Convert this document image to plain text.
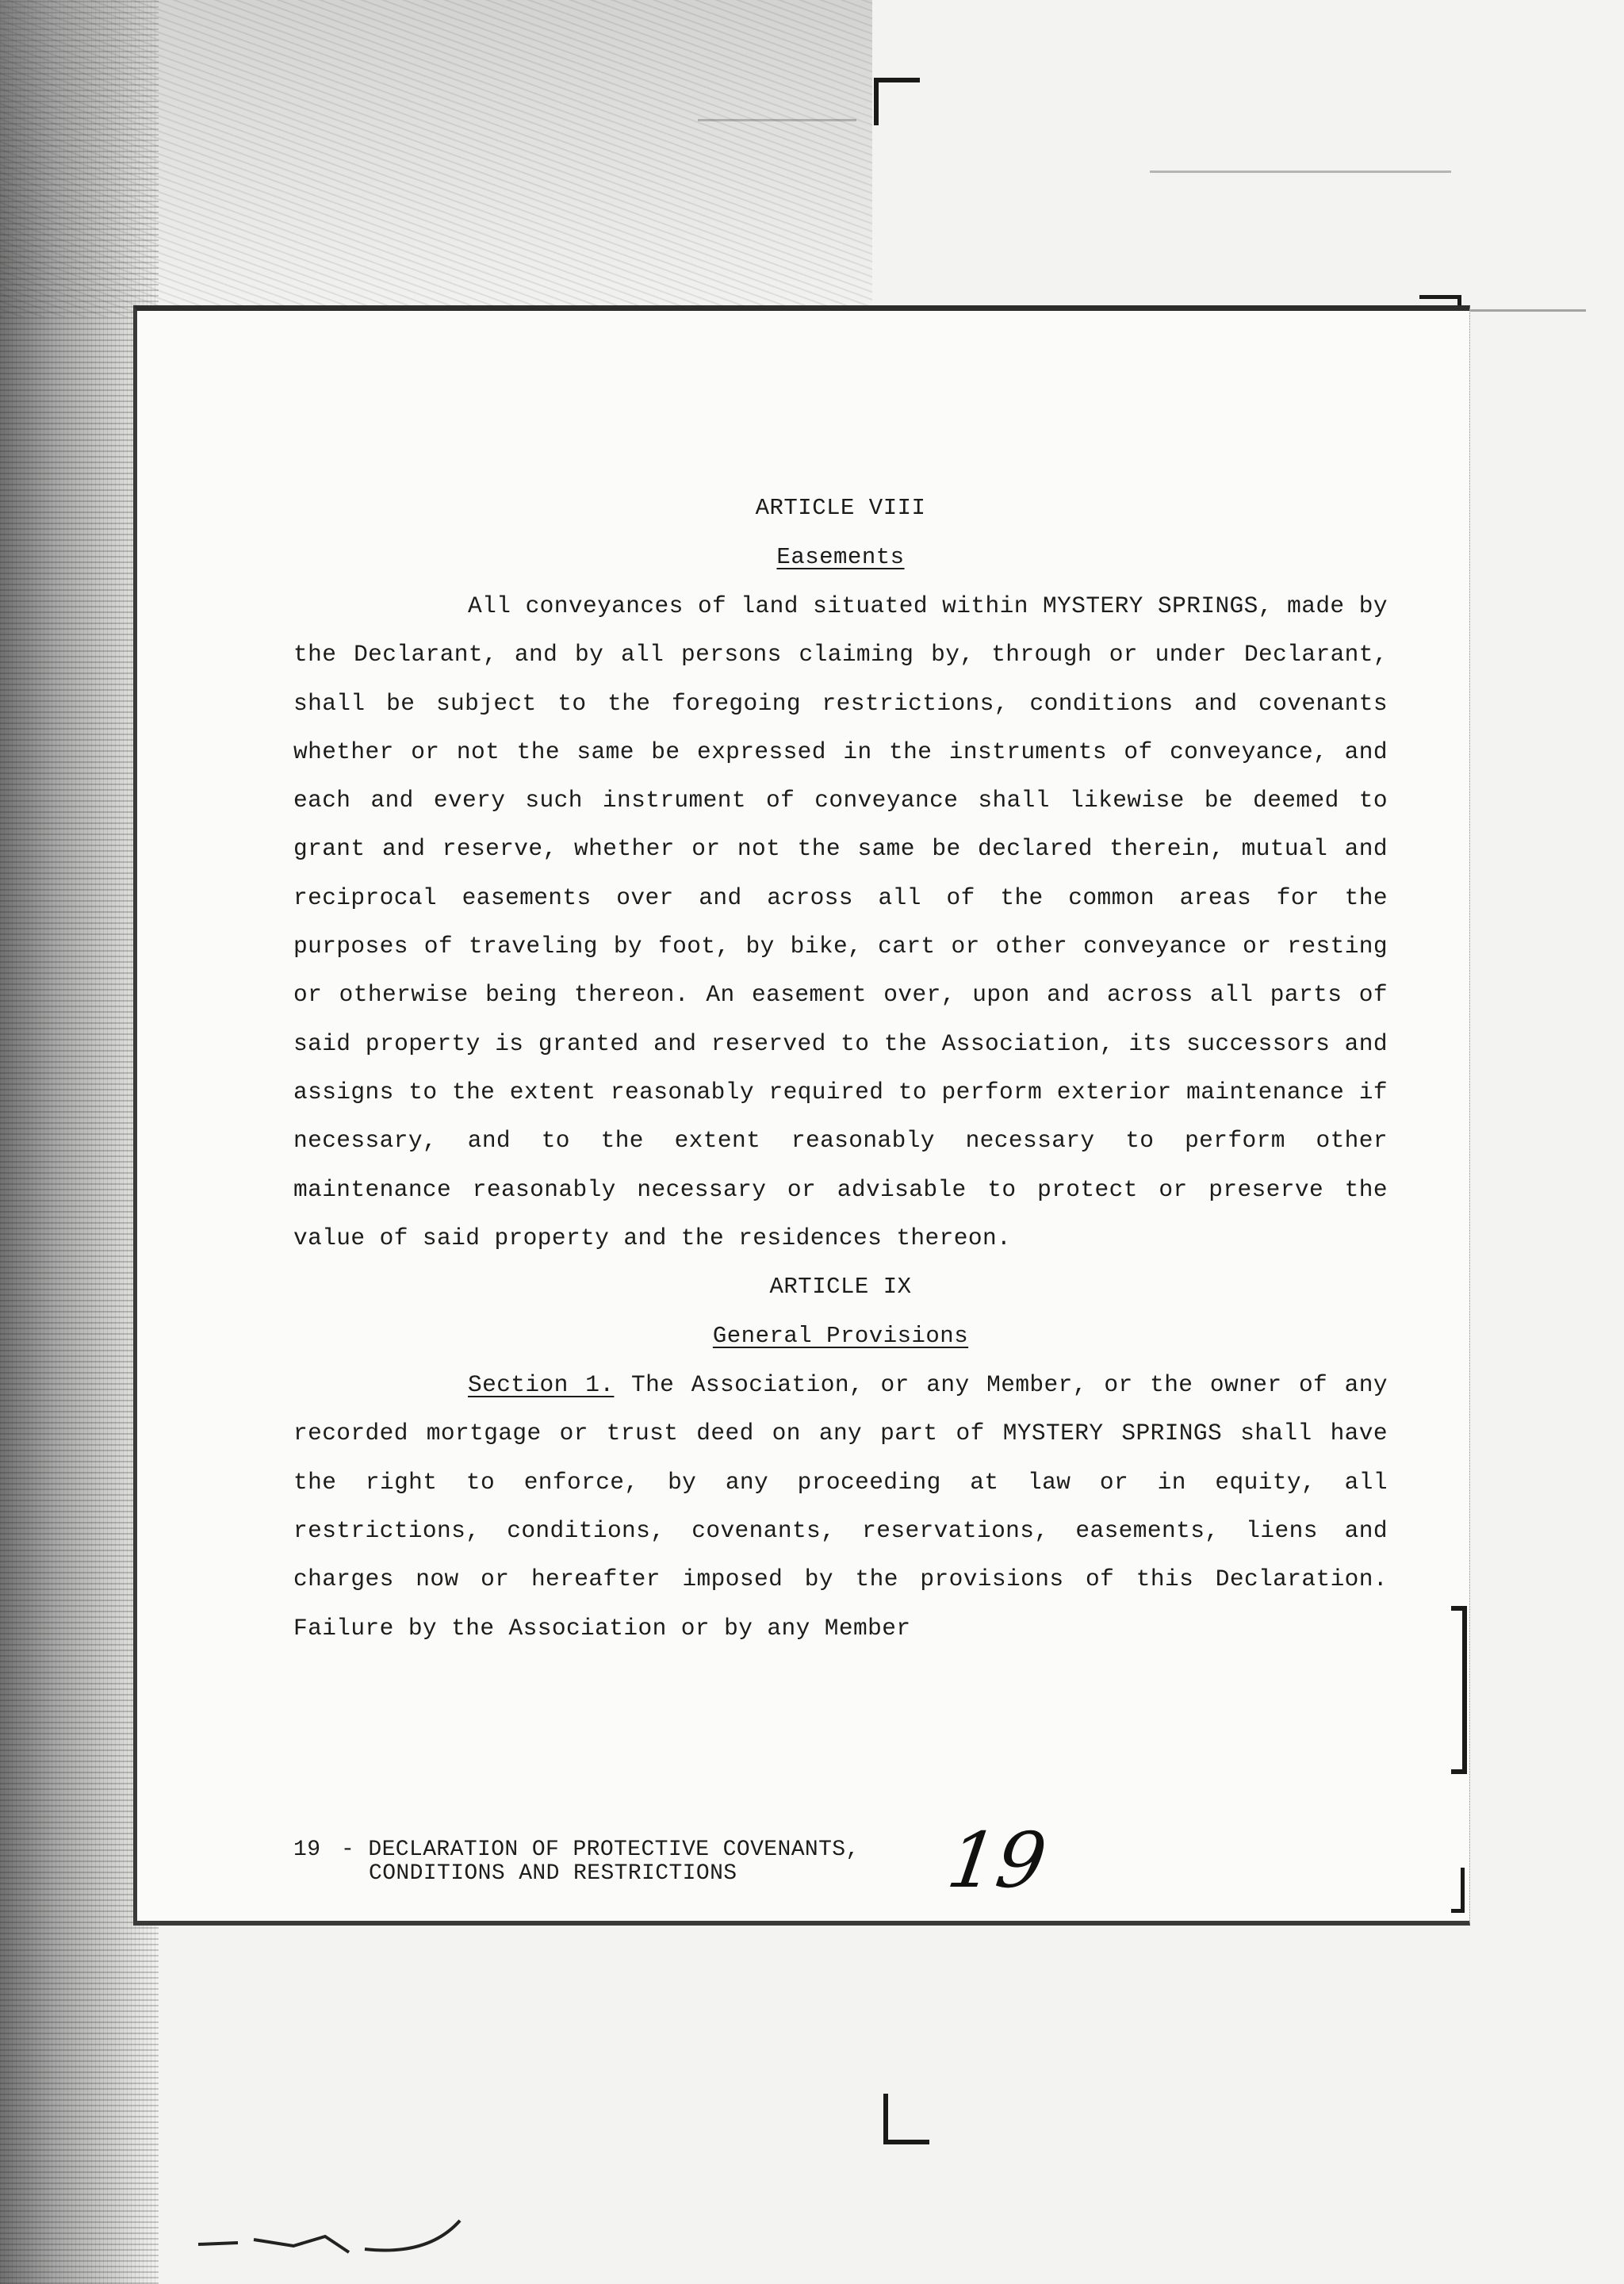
ARTICLE VIII

Easements

All conveyances of land situated within MYSTERY SPRINGS, made by the Declarant, and by all persons claiming by, through or under Declarant, shall be subject to the foregoing restrictions, conditions and covenants whether or not the same be expressed in the instruments of conveyance, and each and every such instrument of conveyance shall likewise be deemed to grant and reserve, whether or not the same be declared therein, mutual and reciprocal easements over and across all of the common areas for the purposes of traveling by foot, by bike, cart or other conveyance or resting or otherwise being thereon. An easement over, upon and across all parts of said property is granted and reserved to the Association, its successors and assigns to the extent reasonably required to perform exterior maintenance if necessary, and to the extent reasonably necessary to perform other maintenance reasonably necessary or advisable to protect or preserve the value of said property and the residences thereon.

ARTICLE IX

General Provisions

Section 1. The Association, or any Member, or the owner of any recorded mortgage or trust deed on any part of MYSTERY SPRINGS shall have the right to enforce, by any proceeding at law or in equity, all restrictions, conditions, covenants, reservations, easements, liens and charges now or hereafter imposed by the provisions of this Declaration. Failure by the Association or by any Member

19 - DECLARATION OF PROTECTIVE COVENANTS,
CONDITIONS AND RESTRICTIONS	19
